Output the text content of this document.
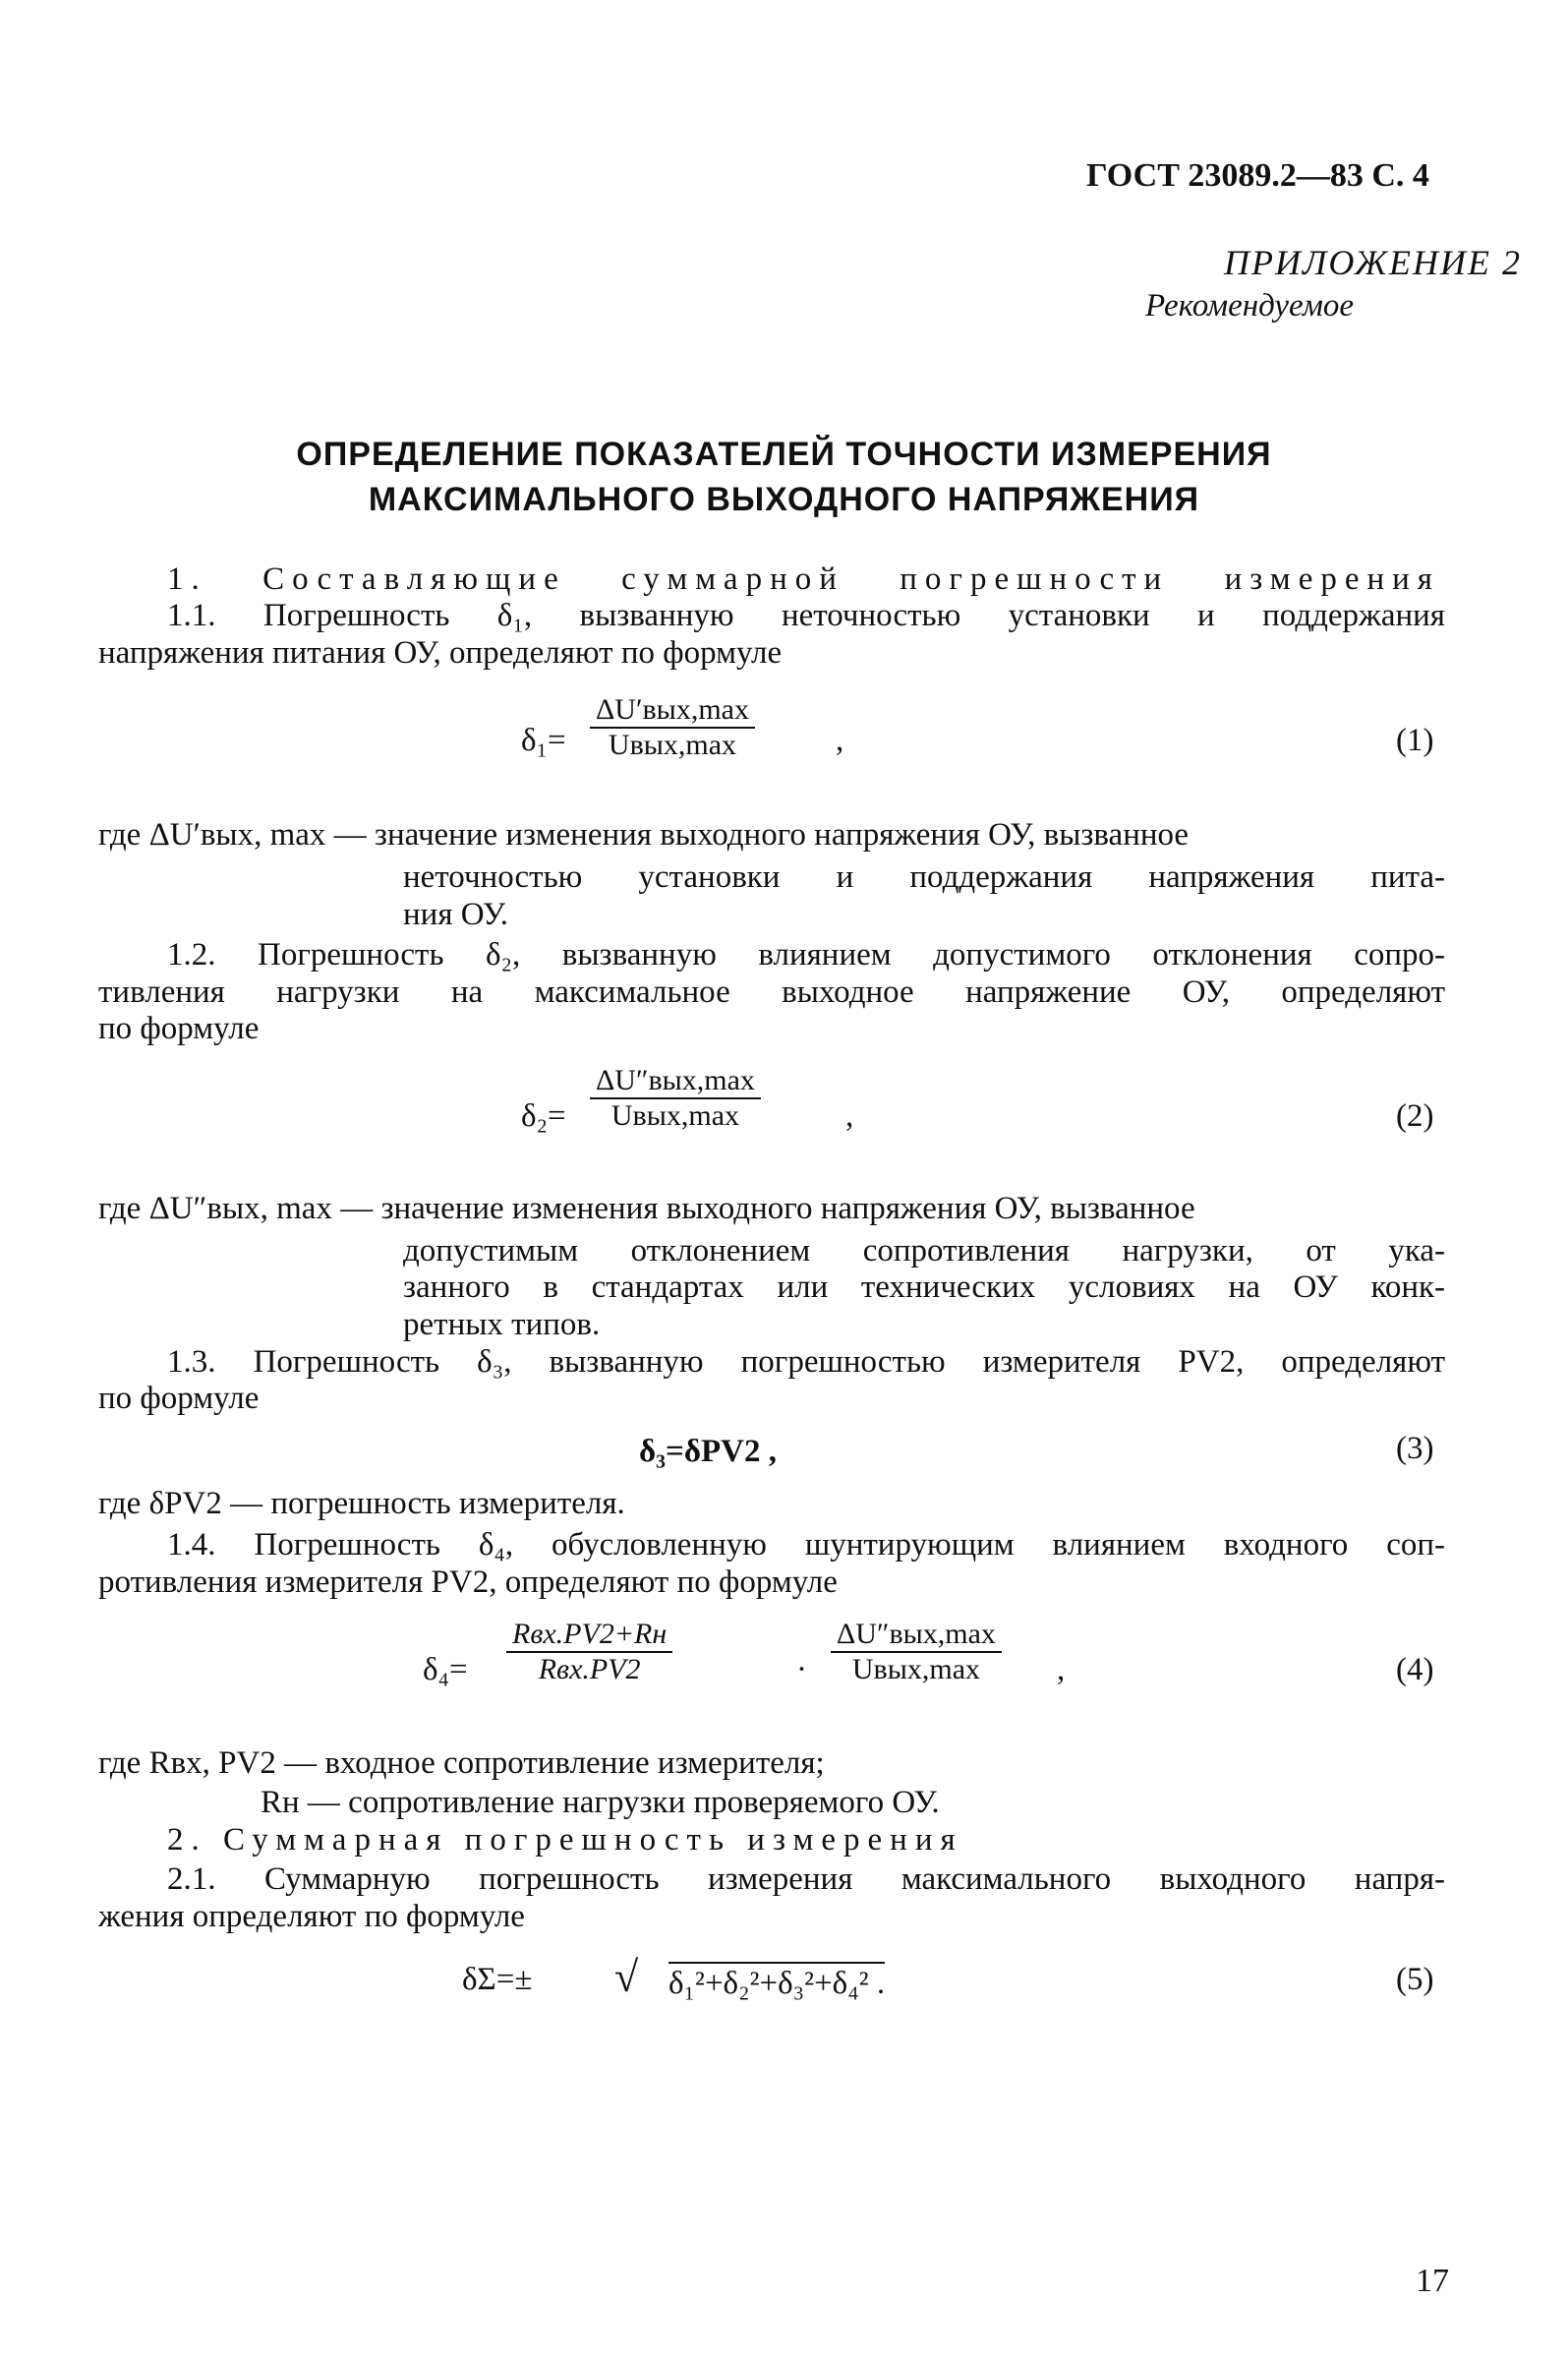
ГОСТ 23089.2—83 С. 4
ПРИЛОЖЕНИЕ 2
Рекомендуемое
ОПРЕДЕЛЕНИЕ ПОКАЗАТЕЛЕЙ ТОЧНОСТИ ИЗМЕРЕНИЯ
МАКСИМАЛЬНОГО ВЫХОДНОГО НАПРЯЖЕНИЯ
1. Составляющие суммарной погрешности измерения
1.1. Погрешность δ₁, вызванную неточностью установки и поддержания
напряжения питания ОУ, определяют по формуле
δ₁=
ΔU′вых,max
Uвых,max	,	(1)
где ΔU′вых, max — значение изменения выходного напряжения ОУ, вызванное
неточностью установки и поддержания напряжения пита-
ния ОУ.
1.2. Погрешность δ₂, вызванную влиянием допустимого отклонения сопро-
тивления нагрузки на максимальное выходное напряжение ОУ, определяют
по формуле
δ₂=
ΔU″вых,max
Uвых,max	,	(2)
где ΔU″вых, max — значение изменения выходного напряжения ОУ, вызванное
допустимым отклонением сопротивления нагрузки, от ука-
занного в стандартах или технических условиях на ОУ конк-
ретных типов.
1.3. Погрешность δ₃, вызванную погрешностью измерителя PV2, определяют
по формуле
δ₃=δPV2 ,	(3)
где δPV2 — погрешность измерителя.
1.4. Погрешность δ₄, обусловленную шунтирующим влиянием входного соп-
ротивления измерителя PV2, определяют по формуле
δ₄=
Rвх.PV2+Rн
Rвх.PV2	·
ΔU″вых,max
Uвых,max ,	(4)
где Rвх, PV2 — входное сопротивление измерителя;
Rн — сопротивление нагрузки проверяемого ОУ.
2. Суммарная погрешность измерения
2.1. Суммарную погрешность измерения максимального выходного напря-
жения определяют по формуле
δΣ=± √ δ₁²+δ₂²+δ₃²+δ₄² .	(5)
17
